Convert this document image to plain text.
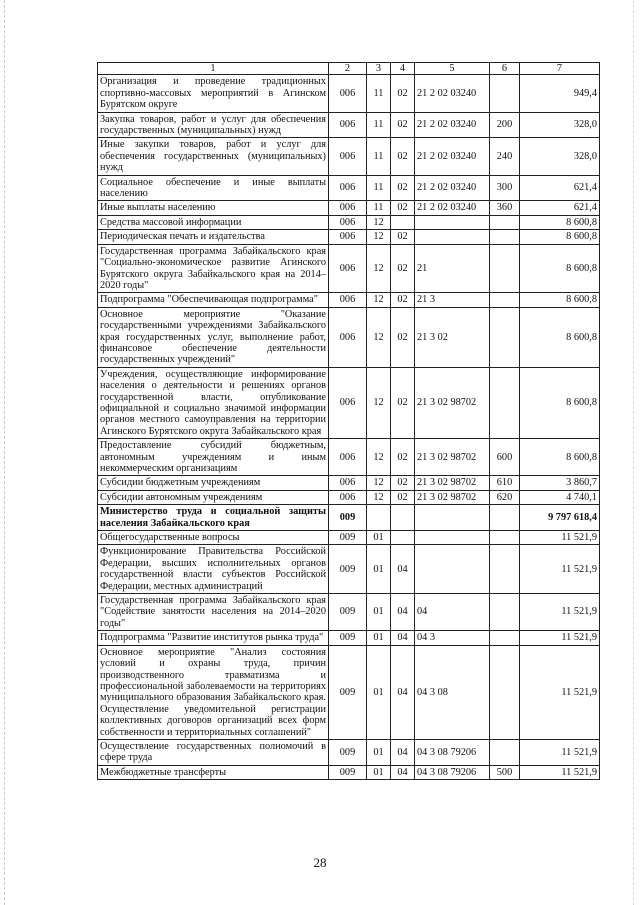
1	2	3	4	5	6	7
Организация и проведение традиционных спортивно-массовых мероприятий в Агинском Бурятском округе	006	11	02	21 2 02 03240		949,4
Закупка товаров, работ и услуг для обеспечения государственных (муниципальных) нужд	006	11	02	21 2 02 03240	200	328,0
Иные закупки товаров, работ и услуг для обеспечения государственных (муниципальных) нужд	006	11	02	21 2 02 03240	240	328,0
Социальное обеспечение и иные выплаты населению	006	11	02	21 2 02 03240	300	621,4
Иные выплаты населению	006	11	02	21 2 02 03240	360	621,4
Средства массовой информации	006	12				8 600,8
Периодическая печать и издательства	006	12	02			8 600,8
Государственная программа Забайкальского края "Социально-экономическое развитие Агинского Бурятского округа Забайкальского края на 2014–2020 годы"	006	12	02	21		8 600,8
Подпрограмма "Обеспечивающая подпрограмма"	006	12	02	21 3		8 600,8
Основное мероприятие "Оказание государственными учреждениями Забайкальского края государственных услуг, выполнение работ, финансовое обеспечение деятельности государственных учреждений"	006	12	02	21 3 02		8 600,8
Учреждения, осуществляющие информирование населения о деятельности и решениях органов государственной власти, опубликование официальной и социально значимой информации органов местного самоуправления на территории Агинского Бурятского округа Забайкальского края	006	12	02	21 3 02 98702		8 600,8
Предоставление субсидий бюджетным, автономным учреждениям и иным некоммерческим организациям	006	12	02	21 3 02 98702	600	8 600,8
Субсидии бюджетным учреждениям	006	12	02	21 3 02 98702	610	3 860,7
Субсидии автономным учреждениям	006	12	02	21 3 02 98702	620	4 740,1
Министерство труда и социальной защиты населения Забайкальского края	009					9 797 618,4
Общегосударственные вопросы	009	01				11 521,9
Функционирование Правительства Российской Федерации, высших исполнительных органов государственной власти субъектов Российской Федерации, местных администраций	009	01	04			11 521,9
Государственная программа Забайкальского края "Содействие занятости населения на 2014–2020 годы"	009	01	04	04		11 521,9
Подпрограмма "Развитие институтов рынка труда"	009	01	04	04 3		11 521,9
Основное мероприятие "Анализ состояния условий и охраны труда, причин производственного травматизма и профессиональной заболеваемости на территориях муниципального образования Забайкальского края. Осуществление уведомительной регистрации коллективных договоров организаций всех форм собственности и территориальных соглашений"	009	01	04	04 3 08		11 521,9
Осуществление государственных полномочий в сфере труда	009	01	04	04 3 08 79206		11 521,9
Межбюджетные трансферты	009	01	04	04 3 08 79206	500	11 521,9
28
